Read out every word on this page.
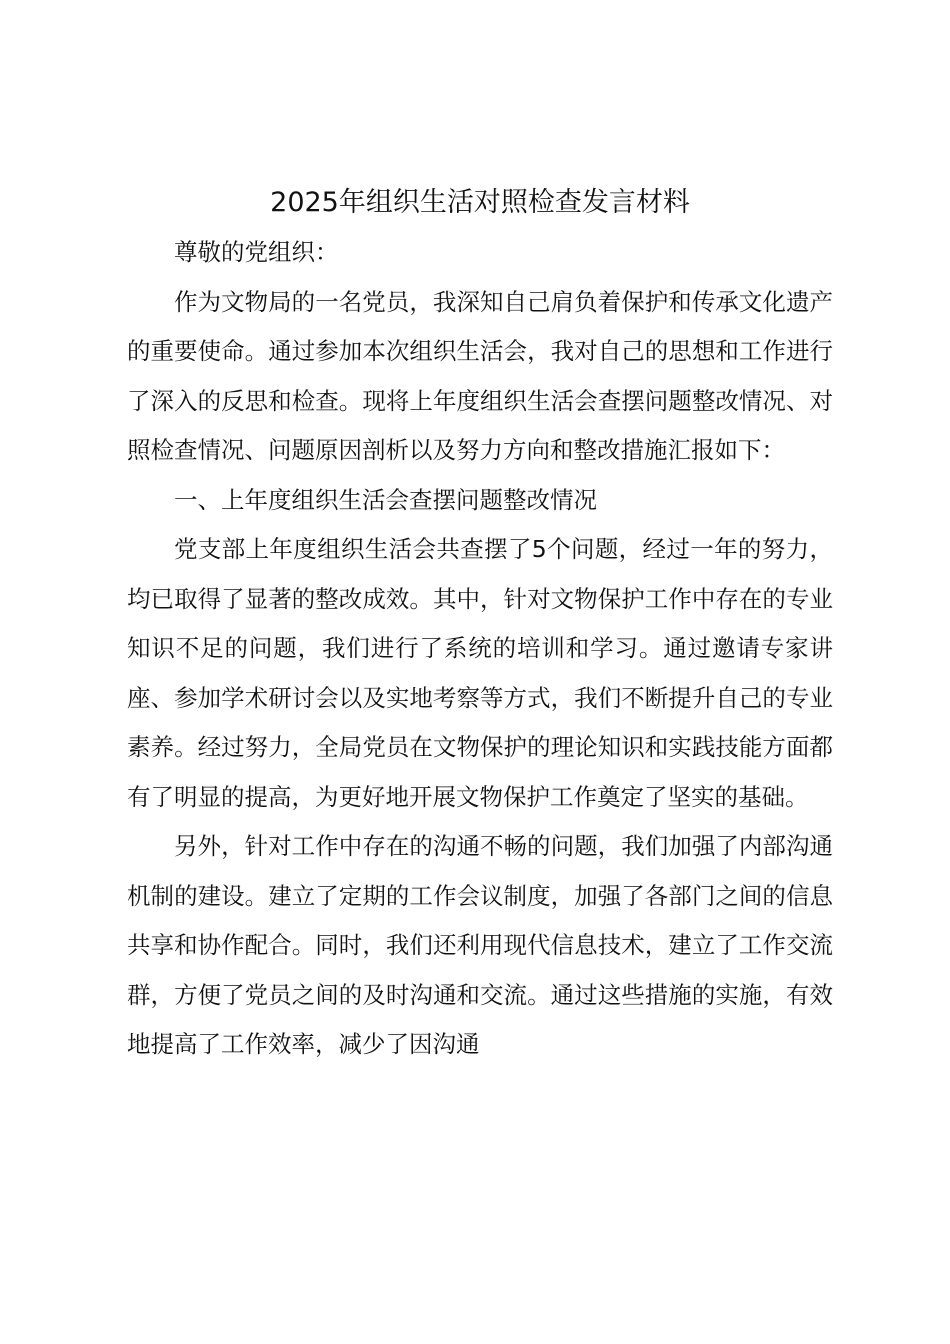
2025年组织生活对照检查发言材料

尊敬的党组织：

作为文物局的一名党员，我深知自己肩负着保护和传承文化遗产的重要使命。通过参加本次组织生活会，我对自己的思想和工作进行了深入的反思和检查。现将上年度组织生活会查摆问题整改情况、对照检查情况、问题原因剖析以及努力方向和整改措施汇报如下：

一、上年度组织生活会查摆问题整改情况

党支部上年度组织生活会共查摆了5个问题，经过一年的努力，均已取得了显著的整改成效。其中，针对文物保护工作中存在的专业知识不足的问题，我们进行了系统的培训和学习。通过邀请专家讲座、参加学术研讨会以及实地考察等方式，我们不断提升自己的专业素养。经过努力，全局党员在文物保护的理论知识和实践技能方面都有了明显的提高，为更好地开展文物保护工作奠定了坚实的基础。

另外，针对工作中存在的沟通不畅的问题，我们加强了内部沟通机制的建设。建立了定期的工作会议制度，加强了各部门之间的信息共享和协作配合。同时，我们还利用现代信息技术，建立了工作交流群，方便了党员之间的及时沟通和交流。通过这些措施的实施，有效地提高了工作效率，减少了因沟通
